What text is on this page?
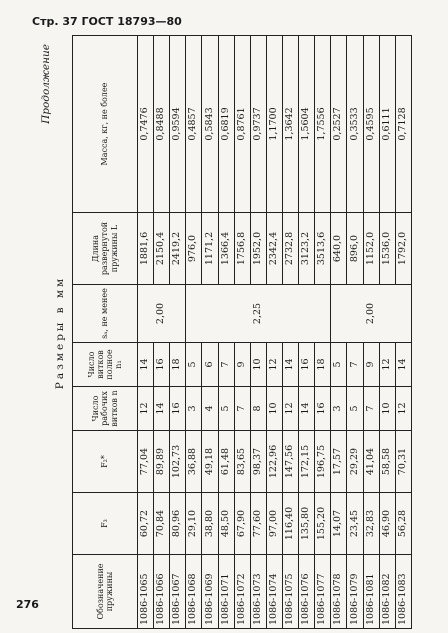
Стр. 37 ГОСТ 18793—80
Продолжение
Размеры в мм
Обозначение пружины	F₃	F₂*	Число рабочих витков n	Число витков полное n₁	sₐ, не менее	Длина развернутой пружины L	Масса, кг, не более
1086-1065	60,72	77,04	12	14	2,00	1881,6	0,7476
1086-1066	70,84	89,89	14	16		2150,4	0,8488
1086-1067	80,96	102,73	16	18		2419,2	0,9594
1086-1068	29,10	36,88	3	5	2,25	976,0	0,4857
1086-1069	38,80	49,18	4	6		1171,2	0,5843
1086-1071	48,50	61,48	5	7		1366,4	0,6819
1086-1072	67,90	83,65	7	9		1756,8	0,8761
1086-1073	77,60	98,37	8	10		1952,0	0,9737
1086-1074	97,00	122,96	10	12		2342,4	1,1700
1086-1075	116,40	147,56	12	14		2732,8	1,3642
1086-1076	135,80	172,15	14	16		3123,2	1,5604
1086-1077	155,20	196,75	16	18		3513,6	1,7556
1086-1078	14,07	17,57	3	5	2,00	640,0	0,2527
1086-1079	23,45	29,29	5	7		896,0	0,3533
1086-1081	32,83	41,04	7	9		1152,0	0,4595
1086-1082	46,90	58,58	10	12		1536,0	0,6111
1086-1083	56,28	70,31	12	14		1792,0	0,7128
276
